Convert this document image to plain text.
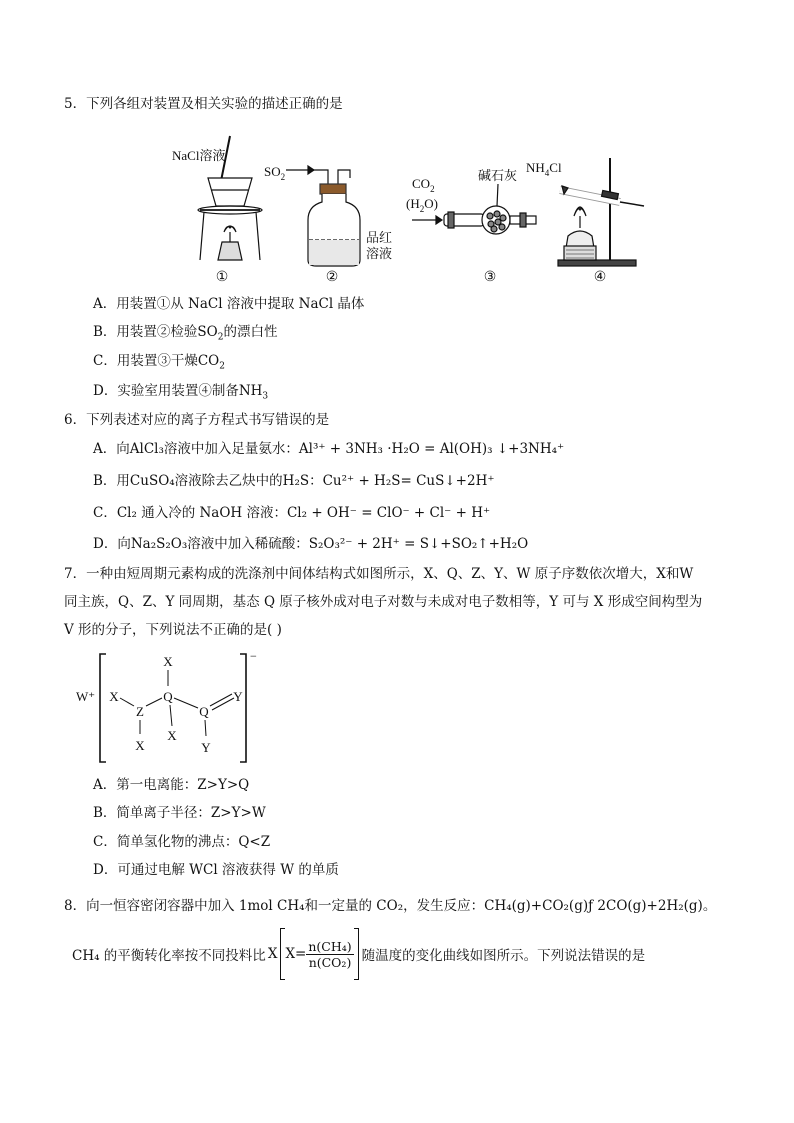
5．下列各组对装置及相关实验的描述正确的是
NaCl溶液
①
$SO_2$
品红
溶液
②
$CO_2$
$(H_2O)$
碱石灰
③
$NH_4Cl$
④
A．用装置①从 NaCl 溶液中提取 NaCl 晶体
B．用装置②检验$SO_2$的漂白性
C．用装置③干燥$CO_2$
D．实验室用装置④制备$NH_3$
6．下列表述对应的离子方程式书写错误的是
A．向AlCl₃溶液中加入足量氨水：Al³⁺ + 3NH₃ ·H₂O = Al(OH)₃ ↓+3NH₄⁺
B．用CuSO₄溶液除去乙炔中的H₂S：Cu²⁺ + H₂S= CuS↓+2H⁺
C．Cl₂ 通入冷的 NaOH 溶液：Cl₂ + OH⁻ = ClO⁻ + Cl⁻ + H⁺
D．向Na₂S₂O₃溶液中加入稀硫酸：S₂O₃²⁻ + 2H⁺ = S↓+SO₂↑+H₂O
7．一种由短周期元素构成的洗涤剂中间体结构式如图所示，X、Q、Z、Y、W 原子序数依次增大，X和W
同主族，Q、Z、Y 同周期，基态 Q 原子核外成对电子对数与未成对电子数相等，Y 可与 X 形成空间构型为
V 形的分子，下列说法不正确的是( )
W⁺
−
X
Q
X
Z
X
X
Q
Y
Y
A．第一电离能：Z>Y>Q
B．简单离子半径：Z>Y>W
C．简单氢化物的沸点：Q<Z
D．可通过电解 WCl 溶液获得 W 的单质
8．向一恒容密闭容器中加入 1mol CH₄和一定量的 CO₂，发生反应：CH₄(g)+CO₂(g)ƒ 2CO(g)+2H₂(g)。
CH₄ 的平衡转化率按不同投料比 X X= n(CH₄)
n(CO₂) 随温度的变化曲线如图所示。下列说法错误的是
